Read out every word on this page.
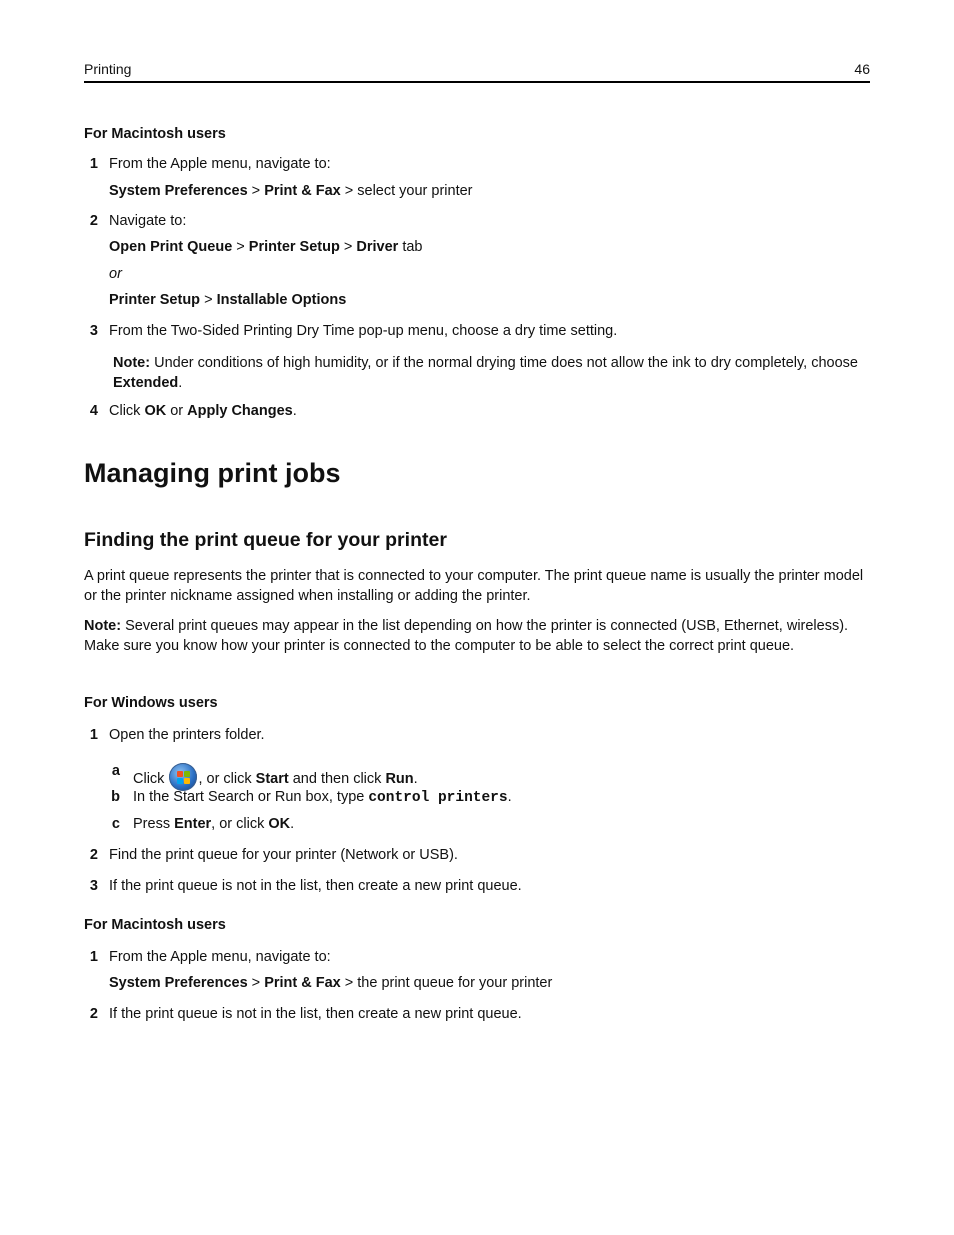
Printing	46
For Macintosh users
1 From the Apple menu, navigate to:
System Preferences > Print & Fax > select your printer
2 Navigate to:
Open Print Queue > Printer Setup > Driver tab
or
Printer Setup > Installable Options
3 From the Two-Sided Printing Dry Time pop-up menu, choose a dry time setting.
Note: Under conditions of high humidity, or if the normal drying time does not allow the ink to dry completely, choose Extended.
4 Click OK or Apply Changes.
Managing print jobs
Finding the print queue for your printer
A print queue represents the printer that is connected to your computer. The print queue name is usually the printer model or the printer nickname assigned when installing or adding the printer.
Note: Several print queues may appear in the list depending on how the printer is connected (USB, Ethernet, wireless). Make sure you know how your printer is connected to the computer to be able to select the correct print queue.
For Windows users
1 Open the printers folder.
a Click
, or click Start and then click Run.
b In the Start Search or Run box, type control printers.
c Press Enter, or click OK.
2 Find the print queue for your printer (Network or USB).
3 If the print queue is not in the list, then create a new print queue.
For Macintosh users
1 From the Apple menu, navigate to:
System Preferences > Print & Fax > the print queue for your printer
2 If the print queue is not in the list, then create a new print queue.
